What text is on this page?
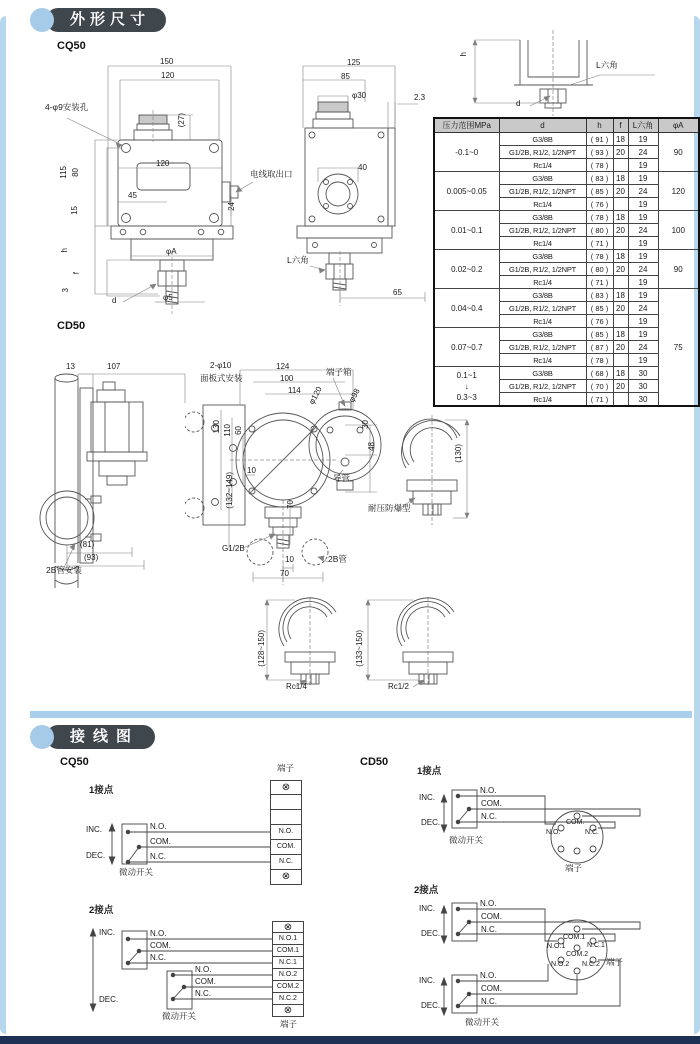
外形尺寸
CQ50
150
120
4-φ9安装孔
(27)
120
45
115 80
15
h
f
3
φA
φ5
d
电线取出口
24
125
85
φ30	2.3
40
L六角
65
h
L六角
d
压力范围MPa	d	h	f	L六角	φA

-0.1~0	G3/8B	( 91 )	18	19	90
	G1/2B, R1/2, 1/2NPT	( 93 )	20	24	
	Rc1/4	( 78 )		19	

0.005~0.05	G3/8B	( 83 )	18	19	120
	G1/2B, R1/2, 1/2NPT	( 85 )	20	24	
	Rc1/4	( 76 )		19	

0.01~0.1	G3/8B	( 78 )	18	19	100
	G1/2B, R1/2, 1/2NPT	( 80 )	20	24	
	Rc1/4	( 71 )		19	

0.02~0.2	G3/8B	( 78 )	18	19	90
	G1/2B, R1/2, 1/2NPT	( 80 )	20	24	
	Rc1/4	( 71 )		19	

0.04~0.4	G3/8B	( 83 )	18	19	75
	G1/2B, R1/2, 1/2NPT	( 85 )	20	24	
	Rc1/4	( 76 )		19	

0.07~0.7	G3/8B	( 85 )	18	19	
	G1/2B, R1/2, 1/2NPT	( 87 )	20	24	
	Rc1/4	( 78 )		19	

0.1~1
↓
0.3~3	G3/8B	( 68 )	18	30	
	G1/2B, R1/2, 1/2NPT	( 70 )	20	30	
	Rc1/4	( 71 )		30	
CD50
13	107
(81)
(93)
2B管安装
2-φ10
面板式安装
124
100
114
端子箱
φ120	φ98
130 110 60
30
48
10
(132~149)	70
G1/2B
10
70
2B管
导管
耐压防爆型
(130)
(128~150)
Rc1/4
(133~150)
Rc1/2
接线图
CQ50	CD50
⊗
N.O.
COM.
N.C.
⊗
⊗
N.O.1
COM.1
N.C.1
N.O.2
COM.2
N.C.2
⊗
1接点
端子
INC.
DEC.
N.O.
COM.
N.C.
微动开关
2接点
INC.
DEC.
N.O.
COM.
N.C.
N.O.
COM.
N.C.
微动开关
端子
1接点
INC.
DEC.
N.O.
COM.
N.C.
微动开关
COM.
N.O.	N.C.
端子
2接点
INC.
DEC.
N.O.
COM.
N.C.
INC.
DEC.
N.O.
COM.
N.C.
COM.1
N.O.1	N.C.1
COM.2
N.O.2 N.C.2 端子
微动开关
